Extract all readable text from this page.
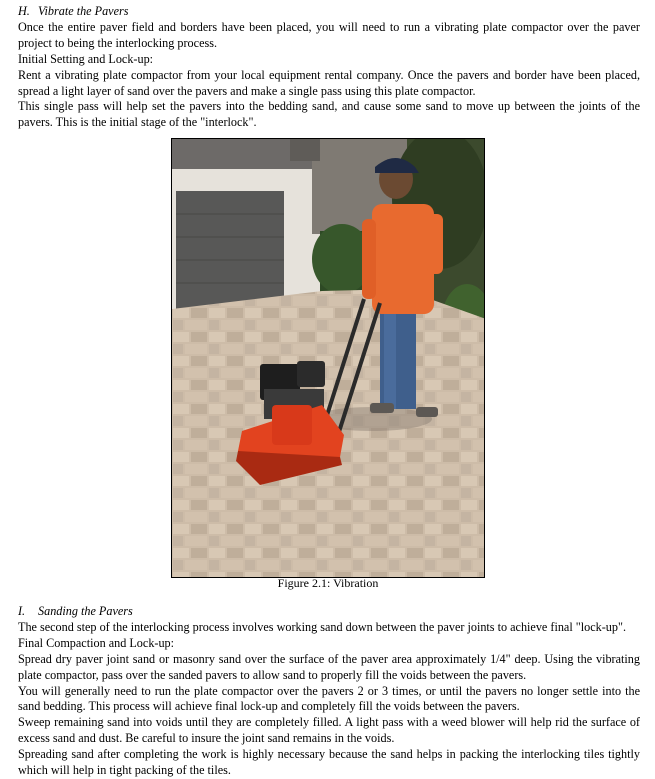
H. Vibrate the Pavers

Once the entire paver field and borders have been placed, you will need to run a vibrating plate compactor over the paver project to being the interlocking process.

Initial Setting and Lock-up:

Rent a vibrating plate compactor from your local equipment rental company. Once the pavers and border have been placed, spread a light layer of sand over the pavers and make a single pass using this plate compactor.

This single pass will help set the pavers into the bedding sand, and cause some sand to move up between the joints of the pavers. This is the initial stage of the "interlock".

Figure 2.1: Vibration
I. Sanding the Pavers

The second step of the interlocking process involves working sand down between the paver joints to achieve final "lock-up".

Final Compaction and Lock-up:

Spread dry paver joint sand or masonry sand over the surface of the paver area approximately 1/4" deep. Using the vibrating plate compactor, pass over the sanded pavers to allow sand to properly fill the voids between the pavers.

You will generally need to run the plate compactor over the pavers 2 or 3 times, or until the pavers no longer settle into the sand bedding. This process will achieve final lock-up and completely fill the voids between the pavers.

Sweep remaining sand into voids until they are completely filled. A light pass with a weed blower will help rid the surface of excess sand and dust. Be careful to insure the joint sand remains in the voids.

Spreading sand after completing the work is highly necessary because the sand helps in packing the interlocking tiles tightly which will help in tight packing of the tiles.
